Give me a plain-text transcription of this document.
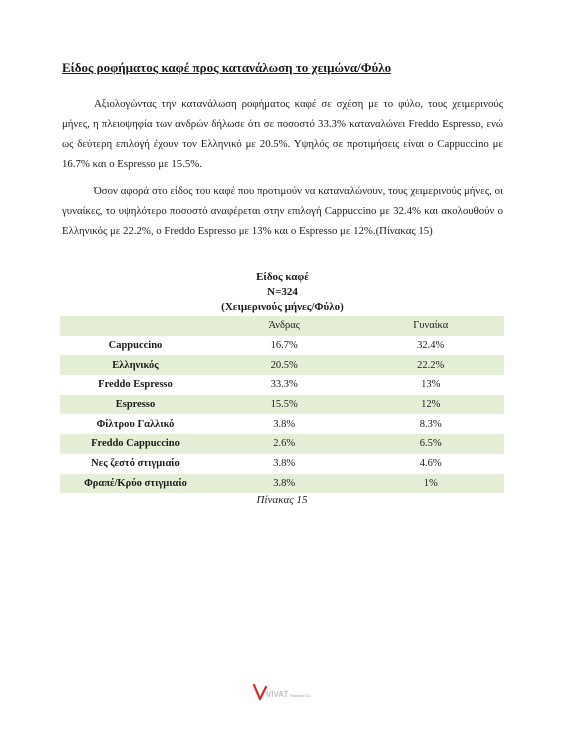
Είδος ροφήματος καφέ προς κατανάλωση το χειμώνα/Φύλο

Αξιολογώντας την κατανάλωση ροφήματος καφέ σε σχέση με το φύλο, τους χειμερινούς μήνες, η πλειοψηφία των ανδρών δήλωσε ότι σε ποσοστό 33.3% καταναλώνει Freddo Espresso, ενώ ως δεύτερη επιλογή έχουν τον Ελληνικό με 20.5%. Υψηλός σε προτιμήσεις είναι ο Cappuccino με 16.7% και ο Espresso με 15.5%.

Όσον αφορά στο είδος του καφέ που προτιμούν να καταναλώνουν, τους χειμερινούς μήνες, οι γυναίκες, το υψηλότερο ποσοστό αναφέρεται στην επιλογή Cappuccino με 32.4% και ακολουθούν ο Ελληνικός με 22.2%, ο Freddo Espresso με 13% και ο Espresso με 12%.(Πίνακας 15)

Είδος καφέ
Ν=324
(Χειμερινούς μήνες/Φύλο)
	Άνδρας	Γυναίκα
Cappuccino	16.7%	32.4%
Ελληνικός	20.5%	22.2%
Freddo Espresso	33.3%	13%
Espresso	15.5%	12%
Φίλτρου Γαλλικό	3.8%	8.3%
Freddo Cappuccino	2.6%	6.5%
Νες ζεστό στιγμιαίο	3.8%	4.6%
Φραπέ/Κρύο στιγμιαίο	3.8%	1%
Πίνακας 15
VIVAT Research Co.
